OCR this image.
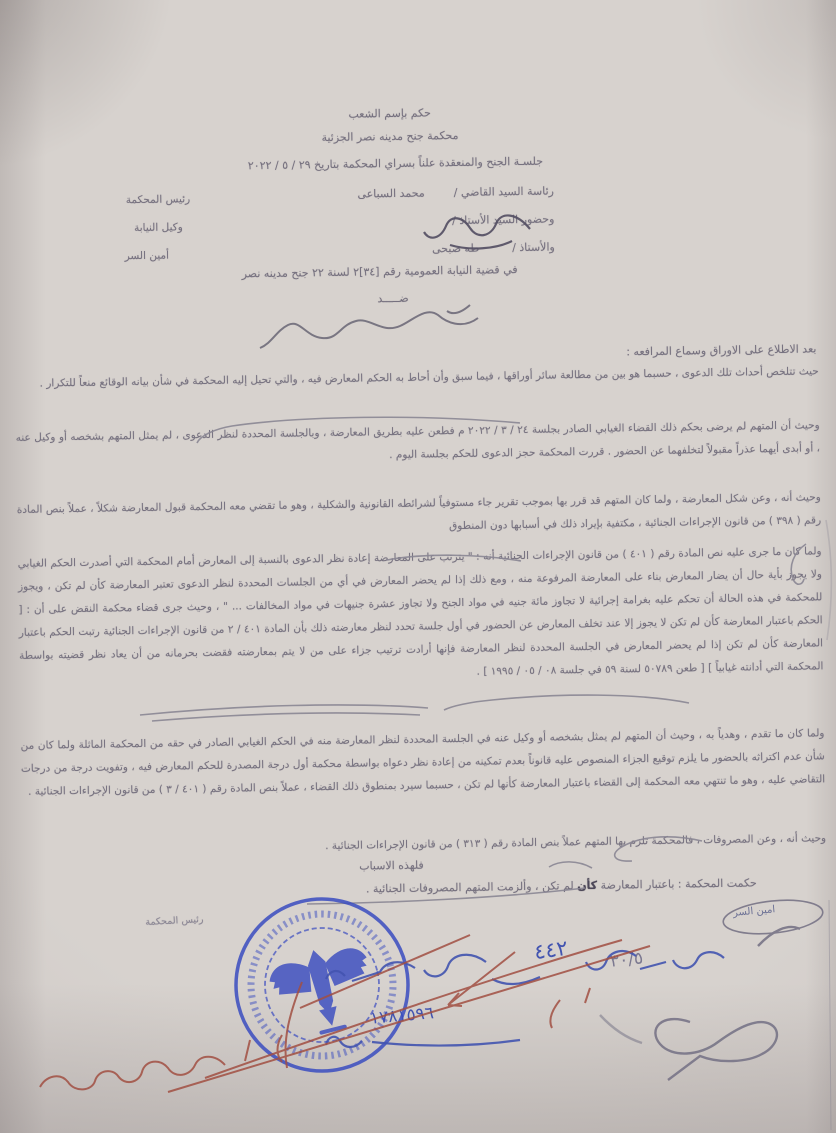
حكم بإسم الشعب
محكمة جنح مدينه نصر الجزئية
جلسـة الجنح والمنعقدة علناً بسراي المحكمة بتاريخ ٢٩ / ٥ / ٢٠٢٢
رئاسة السيد القاضي /  محمد السباعى
وحضور السيد الأستاذ /
والأستاذ /  طه صبحى
رئيس المحكمة
وكيل النيابة
أمين السر
في قضية النيابة العمومية رقم [٣٤]٢ لسنة ٢٢ جنح مدينه نصر
ضـــــد
بعد الاطلاع على الاوراق وسماع المرافعه :

حيث تتلخص أحداث تلك الدعوى ، حسبما هو بين من مطالعة سائر أوراقها ، فيما سبق وأن أحاط به الحكم المعارض فيه ، والتي تحيل إليه المحكمة في شأن بيانه الوقائع منعاً للتكرار .

وحيث أن المتهم لم يرضى بحكم ذلك القضاء الغيابي الصادر بجلسة ٢٤ / ٣ / ٢٠٢٢ م فطعن عليه بطريق المعارضة ، وبالجلسة المحددة لنظر الدعوى ، لم يمثل المتهم بشخصه أو وكيل عنه ، أو أبدى أيهما عذراً مقبولاً لتخلفهما عن الحضور . قررت المحكمة حجز الدعوى للحكم بجلسة اليوم .

وحيث أنه ، وعن شكل المعارضة ، ولما كان المتهم قد قرر بها بموجب تقرير جاء مستوفياً لشرائطه القانونية والشكلية ، وهو ما تقضي معه المحكمة قبول المعارضة شكلاً ، عملاً بنص المادة رقم ( ٣٩٨ ) من قانون الإجراءات الجنائية ، مكتفية بإيراد ذلك في أسبابها دون المنطوق

ولما كان ما جرى عليه نص المادة رقم ( ٤٠١ ) من قانون الإجراءات الجنائية أنه : " يترتب على المعارضة إعادة نظر الدعوى بالنسبة إلى المعارض أمام المحكمة التي أصدرت الحكم الغيابي ولا يجوز بأية حال أن يضار المعارض بناء على المعارضة المرفوعة منه ، ومع ذلك إذا لم يحضر المعارض في أي من الجلسات المحددة لنظر الدعوى تعتبر المعارضة كأن لم تكن ، ويجوز للمحكمة في هذه الحالة أن تحكم عليه بغرامة إجرائية لا تجاوز مائة جنيه في مواد الجنح ولا تجاوز عشرة جنيهات في مواد المخالفات ... " ، وحيث جرى قضاء محكمة النقض على أن : [ الحكم باعتبار المعارضة كأن لم تكن لا يجوز إلا عند تخلف المعارض عن الحضور في أول جلسة تحدد لنظر معارضته ذلك بأن المادة ٤٠١ / ٢ من قانون الإجراءات الجنائية رتبت الحكم باعتبار المعارضة كأن لم تكن إذا لم يحضر المعارض في الجلسة المحددة لنظر المعارضة فإنها أرادت ترتيب جزاء على من لا يتم بمعارضته فقضت بحرمانه من أن يعاد نظر قضيته بواسطة المحكمة التي أدانته غيابياً ] [ طعن ٥٠٧٨٩ لسنة ٥٩ في جلسة ٠٨ / ٠٥ / ١٩٩٥ ] .

ولما كان ما تقدم ، وهدياً به ، وحيث أن المتهم لم يمثل بشخصه أو وكيل عنه في الجلسة المحددة لنظر المعارضة منه في الحكم الغيابي الصادر في حقه من المحكمة الماثلة ولما كان من شأن عدم اكتراثه بالحضور ما يلزم توقيع الجزاء المنصوص عليه قانوناً بعدم تمكينه من إعادة نظر دعواه بواسطة محكمة أول درجة المصدرة للحكم المعارض فيه ، وتفويت درجة من درجات التقاضي عليه ، وهو ما تنتهي معه المحكمة إلى القضاء باعتبار المعارضة كأنها لم تكن ، حسبما سيرد بمنطوق ذلك القضاء ، عملاً بنص المادة رقم ( ٤٠١ / ٣ ) من قانون الإجراءات الجنائية .

وحيث أنه ، وعن المصروفات ، فالمحكمة تلزم بها المتهم عملاً بنص المادة رقم ( ٣١٣ ) من قانون الإجراءات الجنائية .

فلهذه الاسباب
حكمت المحكمة : باعتبار المعارضة كأن لم تكن ، وألزمت المتهم المصروفات الجنائية .
رئيس المحكمة
امين السر
٣٠/٥
٤٤٢
١٧٨١٥٩٦
